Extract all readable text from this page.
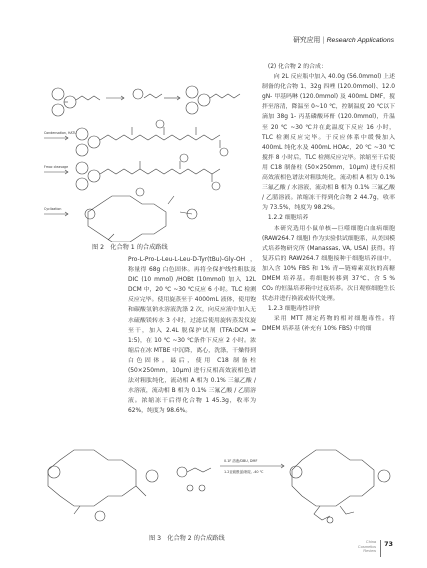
研究应用 | Research Applications
Condensation, HATU
Fmoc cleavage
Cyclization
图 2　化合物 1 的合成路线

Pro-L-Pro-L-Leu-L-Leu-D-Tyr(tBu)-Gly-OH，称量得 68g 白色固体。再将全保护线性粗肽及 DIC (10 mmol) /HOBt (10mmol) 加入 12L DCM 中，20 ℃ ~30 ℃反应 6 小时。TLC 检测反应完毕。使用旋蒸至于 4000mL 液体，使用饱和碳酸氢钠水溶液洗涤 2 次，向反应液中加入无水硫酸镁转水 3 小时，过滤后使用旋转蒸发仪旋至干，加入 2.4L 脱保护试剂 (TFA:DCM = 1:5)，在 10 ℃ ~30 ℃条件下反应 2 小时。浓缩后在冰 MTBE 中沉降，离心，洗涤，干燥得到白色固体。最后，使用 C18 制备柱 (50×250mm，10μm) 进行反相高效液相色谱法对粗肽纯化，流动相 A 相为 0.1% 三氟乙酸 / 水溶液，流动相 B 相为 0.1% 三氟乙酸 / 乙腈溶液。浓缩冻干后得化合物 1 45.3g，收率为 62%，纯度为 98.6%。

(2) 化合物 2 的合成：

向 2L 反应瓶中加入 40.0g (56.0mmol) 上述制备的化合物 1、32g 四唑 (120.0mmol)、12.0 gN- 甲基吗啉 (120.0mmol) 及 400mL DMF，搅拌至溶清，降温至 0~10 ℃，控制温度 20 ℃以下滴加 38g 1- 丙基磷酸环酐 (120.0mmol)，升温至 20 ℃ ~30 ℃并在此温度下反应 16 小时，TLC 检测反应完毕。于反应体系中缓慢加入 400mL 纯化水及 400mL HOAc，20 ℃ ~30 ℃搅拌 8 小时后，TLC 检测反应完毕。浓缩至干后使用 C18 制备柱 (50×250mm，10μm) 进行反相高效液相色谱法对粗肽纯化，流动相 A 相为 0.1% 三氟乙酸 / 水溶液，流动相 B 相为 0.1% 三氟乙酸 / 乙腈溶液。浓缩冻干得到化合物 2 44.7g，收率为 73.5%，纯度为 98.2%。

1.2.2 细胞培养

本研究选用小鼠单核—巨噬细胞白血病细胞 (RAW264.7 细胞) 作为实验供试细胞系，从美国模式培养物研究所 (Manassas, VA, USA) 获得。将复苏后的 RAW264.7 细胞接种于细胞培养皿中，加入含 10% FBS 和 1% 青—链霉素双抗的高糖 DMEM 培养基。将细胞转移到 37℃、含 5 % CO₂ 的恒温培养箱中过夜培养。次日观察细胞生长状态并进行换液或传代处理。

1.2.3 细胞毒性评价

采用 MTT 测定药物的相对细胞毒性。将 DMEM 培养基 (补充有 10% FBS) 中的细

0.1F 溶液/DBU, DMF
1.2亚硫酰氯/吡啶, -40 ℃
图 3　化合物 2 的合成路线	China
Cosmetics
Review
73
